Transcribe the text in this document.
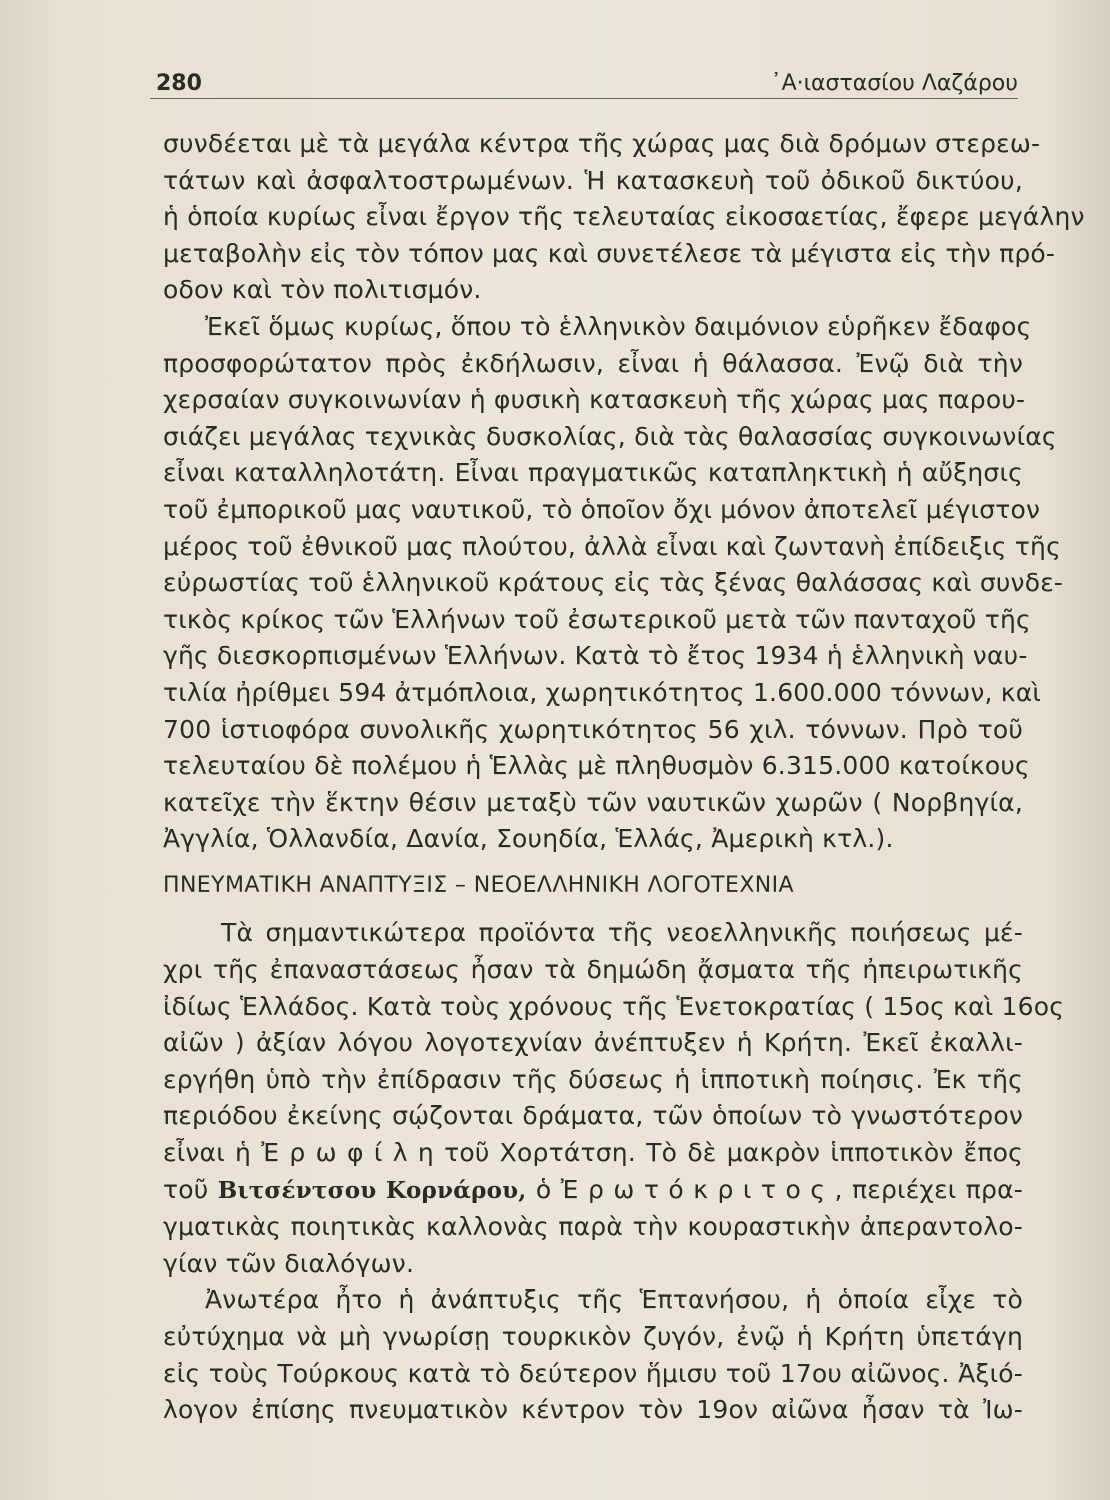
280	᾿Α·ιαστασίου Λαζάρου
συνδέεται μὲ τὰ μεγάλα κέντρα τῆς χώρας μας διὰ δρόμων στερεω-
τάτων καὶ ἀσφαλτοστρωμένων. Ἡ κατασκευὴ τοῦ ὀδικοῦ δικτύου,
ἡ ὁποία κυρίως εἶναι ἔργον τῆς τελευταίας εἰκοσαετίας, ἔφερε μεγάλην
μεταβολὴν εἰς τὸν τόπον μας καὶ συνετέλεσε τὰ μέγιστα εἰς τὴν πρό-
οδον καὶ τὸν πολιτισμόν.
Ἐκεῖ ὅμως κυρίως, ὅπου τὸ ἑλληνικὸν δαιμόνιον εὑρῆκεν ἔδαφος
προσφορώτατον πρὸς ἐκδήλωσιν, εἶναι ἡ θάλασσα. Ἐνῷ διὰ τὴν
χερσαίαν συγκοινωνίαν ἡ φυσικὴ κατασκευὴ τῆς χώρας μας παρου-
σιάζει μεγάλας τεχνικὰς δυσκολίας, διὰ τὰς θαλασσίας συγκοινωνίας
εἶναι καταλληλοτάτη. Εἶναι πραγματικῶς καταπληκτικὴ ἡ αὔξησις
τοῦ ἐμπορικοῦ μας ναυτικοῦ, τὸ ὁποῖον ὄχι μόνον ἀποτελεῖ μέγιστον
μέρος τοῦ ἐθνικοῦ μας πλούτου, ἀλλὰ εἶναι καὶ ζωντανὴ ἐπίδειξις τῆς
εὐρωστίας τοῦ ἑλληνικοῦ κράτους εἰς τὰς ξένας θαλάσσας καὶ συνδε-
τικὸς κρίκος τῶν Ἑλλήνων τοῦ ἐσωτερικοῦ μετὰ τῶν πανταχοῦ τῆς
γῆς διεσκορπισμένων Ἑλλήνων. Κατὰ τὸ ἔτος 1934 ἡ ἑλληνικὴ ναυ-
τιλία ἠρίθμει 594 ἀτμόπλοια, χωρητικότητος 1.600.000 τόννων, καὶ
700 ἱστιοφόρα συνολικῆς χωρητικότητος 56 χιλ. τόννων. Πρὸ τοῦ
τελευταίου δὲ πολέμου ἡ Ἑλλὰς μὲ πληθυσμὸν 6.315.000 κατοίκους
κατεῖχε τὴν ἕκτην θέσιν μεταξὺ τῶν ναυτικῶν χωρῶν ( Νορβηγία,
Ἀγγλία, Ὁλλανδία, Δανία, Σουηδία, Ἑλλάς, Ἀμερικὴ κτλ.).
ΠΝΕΥΜΑΤΙΚΗ ΑΝΑΠΤΥΞΙΣ – ΝΕΟΕΛΛΗΝΙΚΗ ΛΟΓΟΤΕΧΝΙΑ
Τὰ σημαντικώτερα προϊόντα τῆς νεοελληνικῆς ποιήσεως μέ-
χρι τῆς ἐπαναστάσεως ἦσαν τὰ δημώδη ᾄσματα τῆς ἠπειρωτικῆς
ἰδίως Ἑλλάδος. Κατὰ τοὺς χρόνους τῆς Ἑνετοκρατίας ( 15ος καὶ 16ος
αἰῶν ) ἀξίαν λόγου λογοτεχνίαν ἀνέπτυξεν ἡ Κρήτη. Ἐκεῖ ἐκαλλι-
εργήθη ὑπὸ τὴν ἐπίδρασιν τῆς δύσεως ἡ ἱπποτικὴ ποίησις. Ἐκ τῆς
περιόδου ἐκείνης σῴζονται δράματα, τῶν ὁποίων τὸ γνωστότερον
εἶναι ἡ Ἐ ρ ω φ ί λ η τοῦ Χορτάτση. Τὸ δὲ μακρὸν ἱπποτικὸν ἔπος
τοῦ Βιτσέντσου Κορνάρου, ὁ Ἐ ρ ω τ ό κ ρ ι τ ο ς , περιέχει πρα-
γματικὰς ποιητικὰς καλλονὰς παρὰ τὴν κουραστικὴν ἀπεραντολο-
γίαν τῶν διαλόγων.
Ἀνωτέρα ἦτο ἡ ἀνάπτυξις τῆς Ἑπτανήσου, ἡ ὁποία εἶχε τὸ
εὐτύχημα νὰ μὴ γνωρίσῃ τουρκικὸν ζυγόν, ἐνῷ ἡ Κρήτη ὑπετάγη
εἰς τοὺς Τούρκους κατὰ τὸ δεύτερον ἥμισυ τοῦ 17ου αἰῶνος. Ἀξιό-
λογον ἐπίσης πνευματικὸν κέντρον τὸν 19ον αἰῶνα ἦσαν τὰ Ἰω-
